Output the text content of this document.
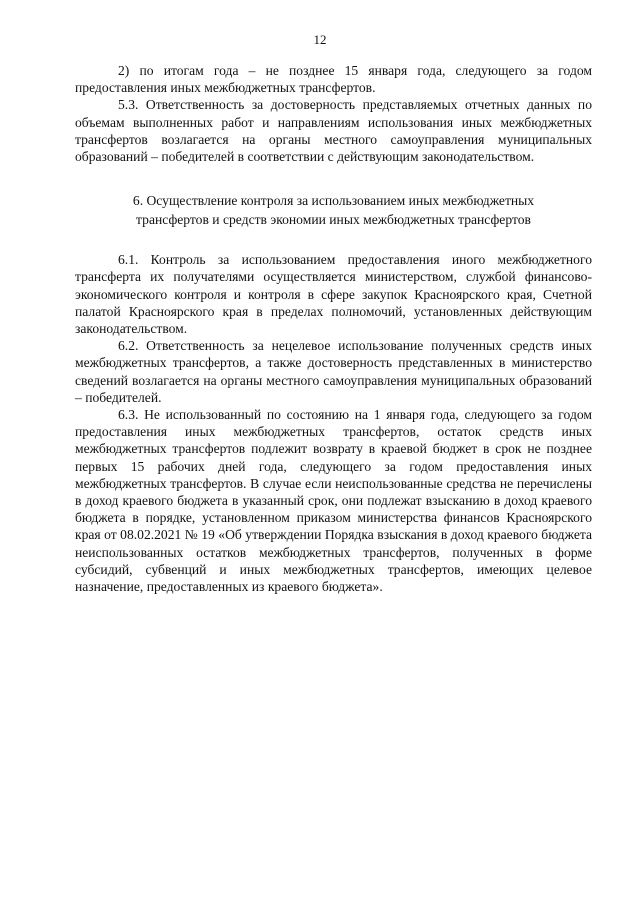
12

2) по итогам года – не позднее 15 января года, следующего за годом предоставления иных межбюджетных трансфертов.

5.3. Ответственность за достоверность представляемых отчетных данных по объемам выполненных работ и направлениям использования иных межбюджетных трансфертов возлагается на органы местного самоуправления муниципальных образований – победителей в соответствии с действующим законодательством.

6. Осуществление контроля за использованием иных межбюджетных трансфертов и средств экономии иных межбюджетных трансфертов

6.1. Контроль за использованием предоставления иного межбюджетного трансферта их получателями осуществляется министерством, службой финансово-экономического контроля и контроля в сфере закупок Красноярского края, Счетной палатой Красноярского края в пределах полномочий, установленных действующим законодательством.

6.2. Ответственность за нецелевое использование полученных средств иных межбюджетных трансфертов, а также достоверность представленных в министерство сведений возлагается на органы местного самоуправления муниципальных образований – победителей.

6.3. Не использованный по состоянию на 1 января года, следующего за годом предоставления иных межбюджетных трансфертов, остаток средств иных межбюджетных трансфертов подлежит возврату в краевой бюджет в срок не позднее первых 15 рабочих дней года, следующего за годом предоставления иных межбюджетных трансфертов. В случае если неиспользованные средства не перечислены в доход краевого бюджета в указанный срок, они подлежат взысканию в доход краевого бюджета в порядке, установленном приказом министерства финансов Красноярского края от 08.02.2021 № 19 «Об утверждении Порядка взыскания в доход краевого бюджета неиспользованных остатков межбюджетных трансфертов, полученных в форме субсидий, субвенций и иных межбюджетных трансфертов, имеющих целевое назначение, предоставленных из краевого бюджета».
